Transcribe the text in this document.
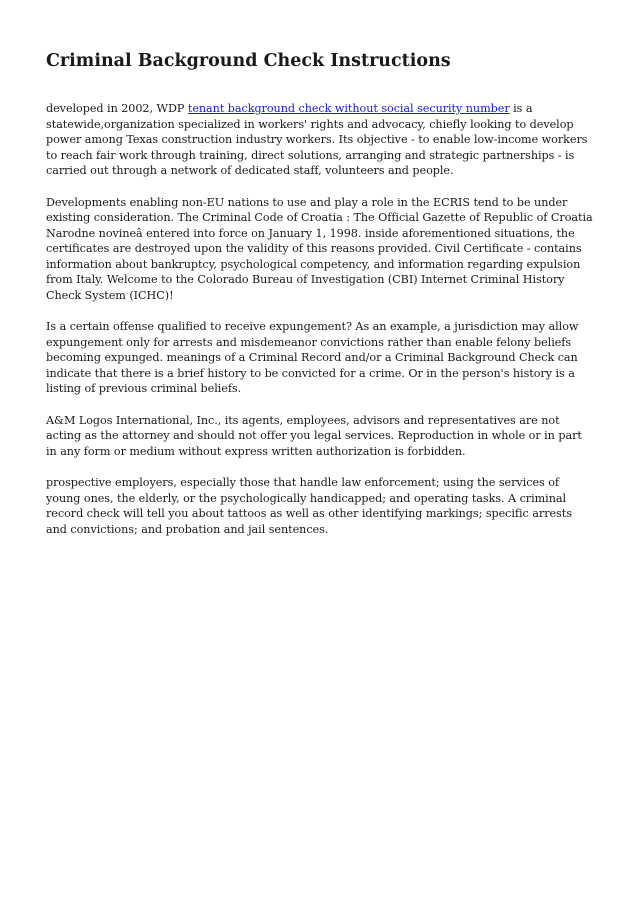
Criminal Background Check Instructions

developed in 2002, WDP tenant background check without social security number is a statewide,organization specialized in workers' rights and advocacy, chiefly looking to develop power among Texas construction industry workers. Its objective - to enable low-income workers to reach fair work through training, direct solutions, arranging and strategic partnerships - is carried out through a network of dedicated staff, volunteers and people.

Developments enabling non-EU nations to use and play a role in the ECRIS tend to be under existing consideration. The Criminal Code of Croatia : The Official Gazette of Republic of Croatia Narodne novineâ entered into force on January 1, 1998. inside aforementioned situations, the certificates are destroyed upon the validity of this reasons provided. Civil Certificate - contains information about bankruptcy, psychological competency, and information regarding expulsion from Italy. Welcome to the Colorado Bureau of Investigation (CBI) Internet Criminal History Check System (ICHC)!

Is a certain offense qualified to receive expungement? As an example, a jurisdiction may allow expungement only for arrests and misdemeanor convictions rather than enable felony beliefs becoming expunged. meanings of a Criminal Record and/or a Criminal Background Check can indicate that there is a brief history to be convicted for a crime. Or in the person's history is a listing of previous criminal beliefs.

A&M Logos International, Inc., its agents, employees, advisors and representatives are not acting as the attorney and should not offer you legal services. Reproduction in whole or in part in any form or medium without express written authorization is forbidden.

prospective employers, especially those that handle law enforcement; using the services of young ones, the elderly, or the psychologically handicapped; and operating tasks. A criminal record check will tell you about tattoos as well as other identifying markings; specific arrests and convictions; and probation and jail sentences.
